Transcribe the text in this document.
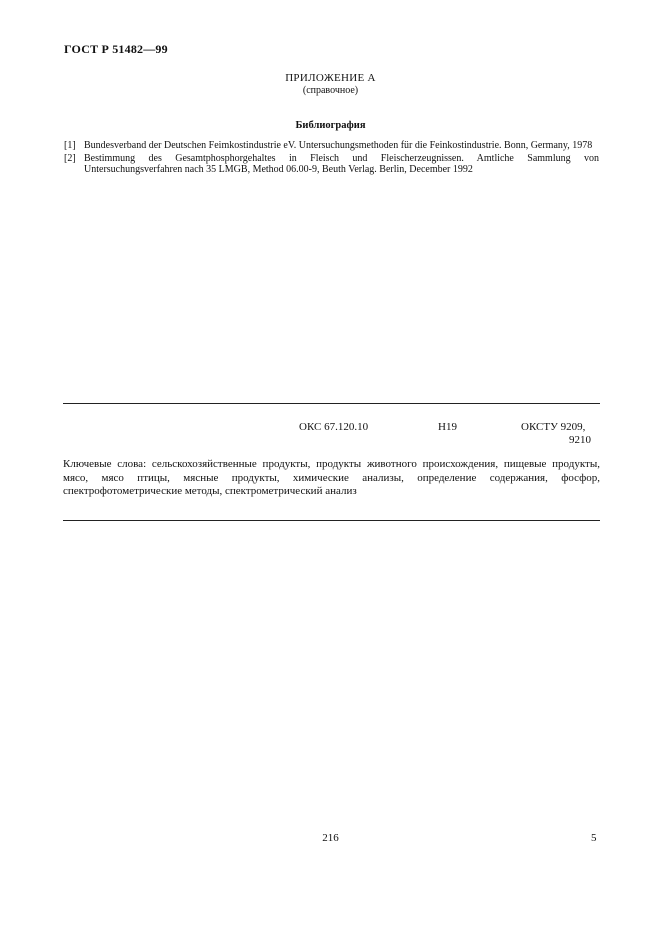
ГОСТ Р 51482—99
ПРИЛОЖЕНИЕ А
(справочное)
Библиография
[1] Bundesverband der Deutschen Feimkostindustrie eV. Untersuchungsmethoden für die Feinkostindustrie. Bonn, Germany, 1978
[2] Bestimmung des Gesamtphosphorgehaltes in Fleisch und Fleischerzeugnissen. Amtliche Sammlung von Untersuchungsverfahren nach 35 LMGB, Method 06.00-9, Beuth Verlag. Berlin, December 1992
ОКС 67.120.10	Н19	ОКСТУ 9209,
9210
Ключевые слова: сельскохозяйственные продукты, продукты животного происхождения, пищевые продукты, мясо, мясо птицы, мясные продукты, химические анализы, определение содержания, фосфор, спектрофотометрические методы, спектрометрический анализ
216	5
